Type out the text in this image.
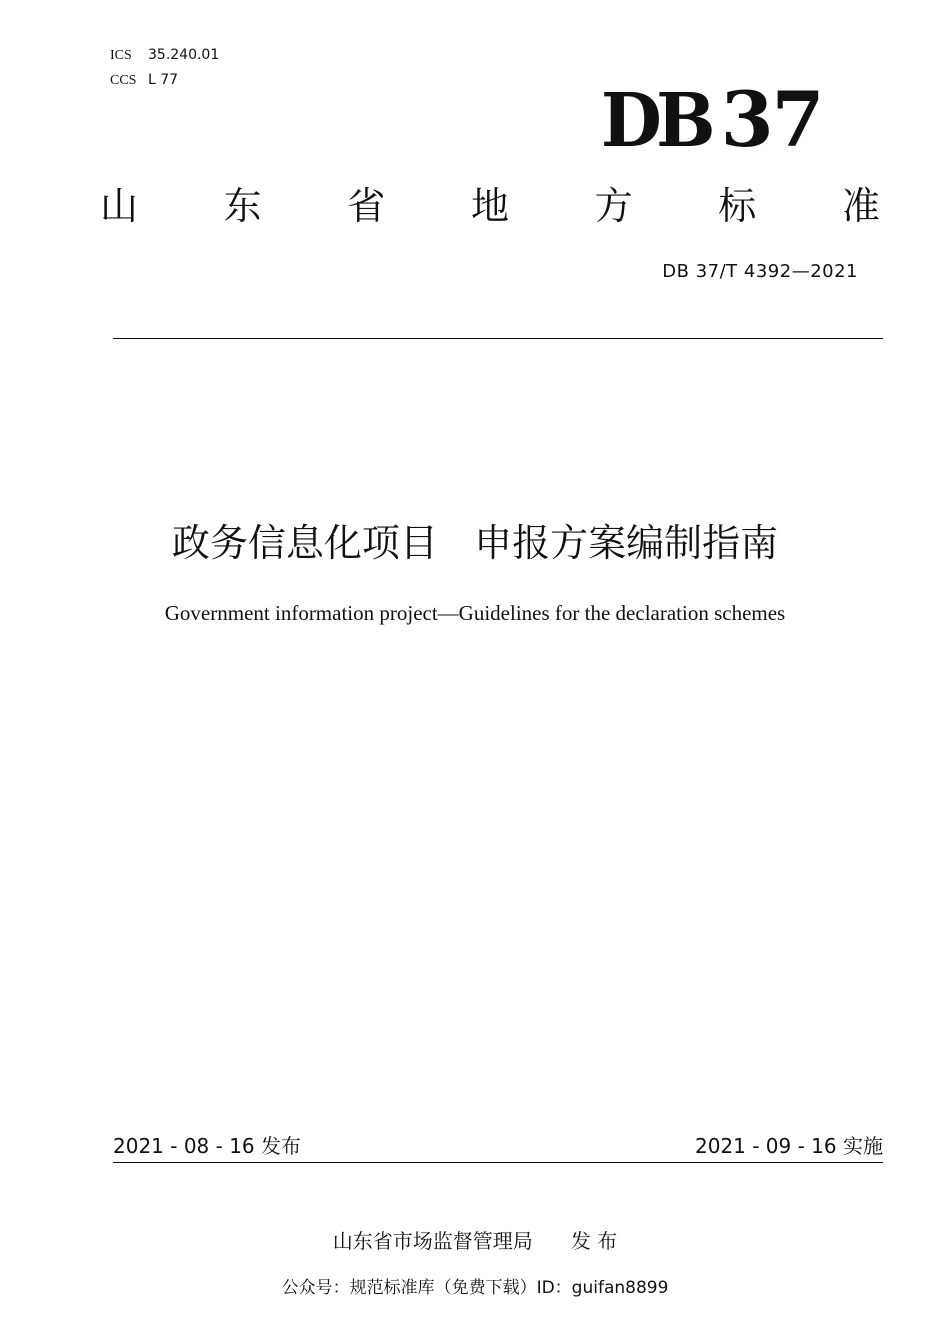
ICS 35.240.01
CCS L 77	DB 37
山 东 省 地 方 标 准
DB 37/T 4392—2021
政务信息化项目   申报方案编制指南
Government information project—Guidelines for the declaration schemes
2021 - 08 - 16 发布	2021 - 09 - 16 实施
山东省市场监督管理局      发 布
公众号：规范标准库（免费下载）ID：guifan8899
